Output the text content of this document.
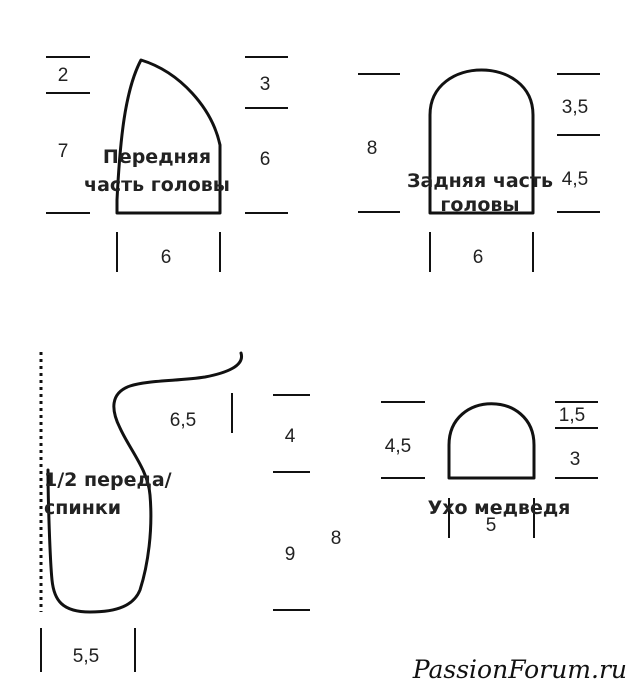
2
7
3
6
6
Передняя
часть головы
8
3,5
4,5
6
Задняя часть
головы
6,5
4
9
5,5
8
1/2 переда/
спинки
4,5
1,5
3
5
Ухо медведя
PassionForum.ru
